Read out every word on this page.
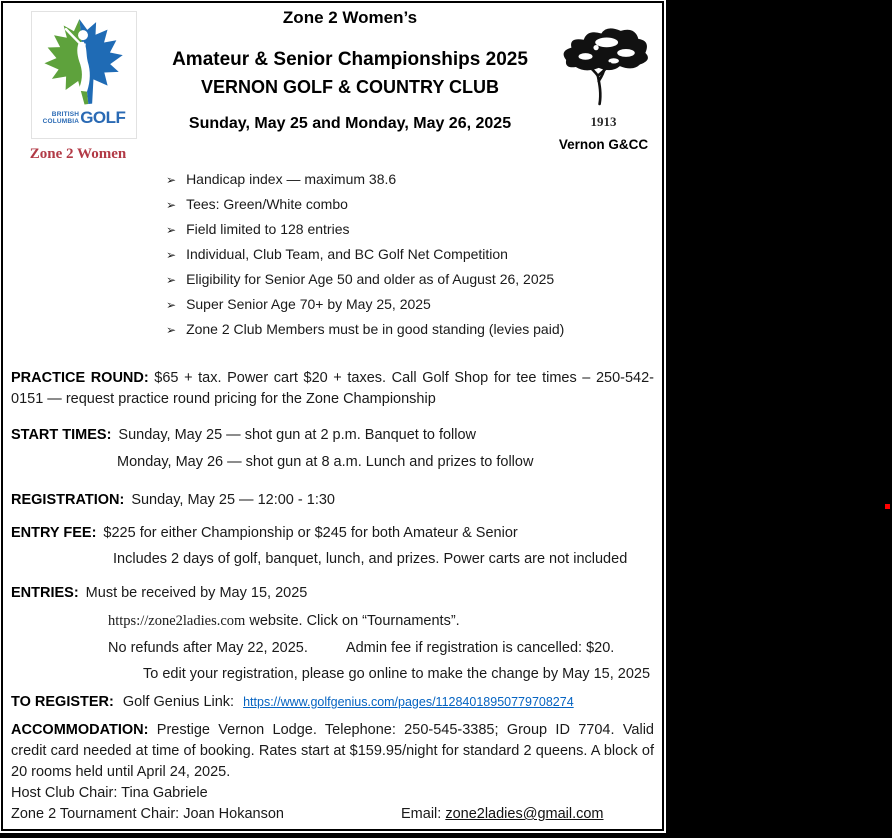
BRITISH
COLUMBIA GOLF
Zone 2 Women
Zone 2 Women’s
Amateur & Senior Championships 2025
VERNON GOLF & COUNTRY CLUB
Sunday, May 25 and Monday, May 26, 2025	1913
Vernon G&CC
➢ Handicap index — maximum 38.6
➢ Tees: Green/White combo
➢ Field limited to 128 entries
➢ Individual, Club Team, and BC Golf Net Competition
➢ Eligibility for Senior Age 50 and older as of August 26, 2025
➢ Super Senior Age 70+ by May 25, 2025
➢ Zone 2 Club Members must be in good standing (levies paid)

PRACTICE ROUND: $65 + tax. Power cart $20 + taxes. Call Golf Shop for tee times – 250-542-0151 — request practice round pricing for the Zone Championship

START TIMES: Sunday, May 25 — shot gun at 2 p.m. Banquet to follow

Monday, May 26 — shot gun at 8 a.m. Lunch and prizes to follow

REGISTRATION: Sunday, May 25 — 12:00 - 1:30

ENTRY FEE: $225 for either Championship or $245 for both Amateur & Senior

Includes 2 days of golf, banquet, lunch, and prizes. Power carts are not included

ENTRIES: Must be received by May 15, 2025

https://zone2ladies.com website. Click on “Tournaments”.

No refunds after May 22, 2025.	Admin fee if registration is cancelled: $20.

To edit your registration, please go online to make the change by May 15, 2025

TO REGISTER: Golf Genius Link: https://www.golfgenius.com/pages/11284018950779708274

ACCOMMODATION: Prestige Vernon Lodge. Telephone: 250-545-3385; Group ID 7704. Valid credit card needed at time of booking. Rates start at $159.95/night for standard 2 queens. A block of 20 rooms held until April 24, 2025.

Host Club Chair: Tina Gabriele

Zone 2 Tournament Chair: Joan Hokanson	Email: zone2ladies@gmail.com
